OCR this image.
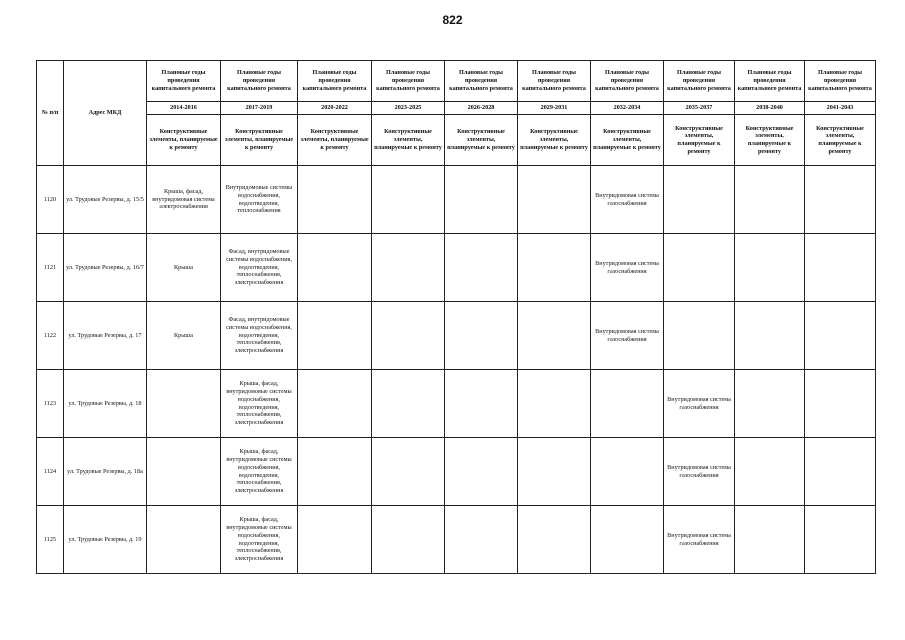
822
№ п/п	Адрес МКД	Плановые годы проведения капитального ремонта	Плановые годы проведения капитального ремонта	Плановые годы проведения капитального ремонта	Плановые годы проведения капитального ремонта	Плановые годы проведения капитального ремонта	Плановые годы проведения капитального ремонта	Плановые годы проведения капитального ремонта	Плановые годы проведения капитального ремонта	Плановые годы проведения капитального ремонта	Плановые годы проведения капитального ремонта
		2014-2016	2017-2019	2020-2022	2023-2025	2026-2028	2029-2031	2032-2034	2035-2037	2038-2040	2041-2043
		Конструктивные элементы, планируемые к ремонту	Конструктивные элементы, планируемые к ремонту	Конструктивные элементы, планируемые к ремонту	Конструктивные элементы, планируемые к ремонту	Конструктивные элементы, планируемые к ремонту	Конструктивные элементы, планируемые к ремонту	Конструктивные элементы, планируемые к ремонту	Конструктивные элементы, планируемые к ремонту	Конструктивные элементы, планируемые к ремонту	Конструктивные элементы, планируемые к ремонту
1120	ул. Трудовые Резервы, д. 15/5	Крыша, фасад, внутридомовая система электроснабжения	Внутридомовые системы водоснабжения, водоотведения, теплоснабжения					Внутридомовая система газоснабжения			
1121	ул. Трудовые Резервы, д. 16/7	Крыша	Фасад, внутридомовые системы водоснабжения, водоотведения, теплоснабжения, электроснабжения					Внутридомовая система газоснабжения			
1122	ул. Трудовые Резервы, д. 17	Крыша	Фасад, внутридомовые системы водоснабжения, водоотведения, теплоснабжения, электроснабжения					Внутридомовая система газоснабжения			
1123	ул. Трудовые Резервы, д. 18		Крыша, фасад, внутридомовые системы водоснабжения, водоотведения, теплоснабжения, электроснабжения						Внутридомовая система газоснабжения		
1124	ул. Трудовые Резервы, д. 18а		Крыша, фасад, внутридомовые системы водоснабжения, водоотведения, теплоснабжения, электроснабжения						Внутридомовая система газоснабжения		
1125	ул. Трудовые Резервы, д. 19		Крыша, фасад, внутридомовые системы водоснабжения, водоотведения, теплоснабжения, электроснабжения						Внутридомовая система газоснабжения		
